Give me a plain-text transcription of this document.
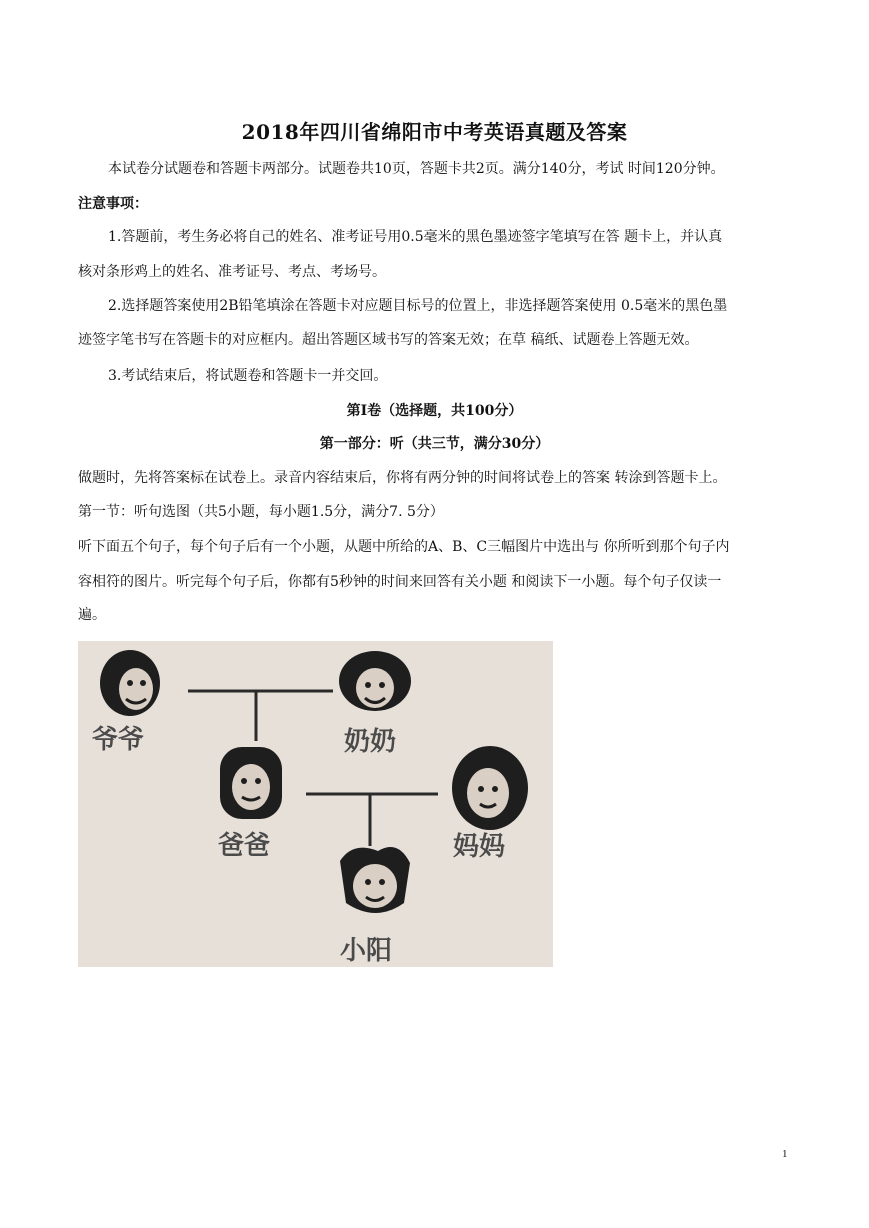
2018年四川省绵阳市中考英语真题及答案
本试卷分试题卷和答题卡两部分。试题卷共10页，答题卡共2页。满分140分，考试 时间120分钟。
注意事项：
1.答题前，考生务必将自己的姓名、准考证号用0.5毫米的黑色墨迹签字笔填写在答 题卡上，并认真
核对条形鸡上的姓名、准考证号、考点、考场号。
2.选择题答案使用2B铅笔填涂在答题卡对应题目标号的位置上，非选择题答案使用 0.5毫米的黑色墨
迹签字笔书写在答题卡的对应框内。超出答题区域书写的答案无效；在草 稿纸、试题卷上答题无效。
3.考试结束后，将试题卷和答题卡一并交回。
第Ⅰ卷（选择题，共100分）
第一部分：听（共三节，满分30分）
做题时，先将答案标在试卷上。录音内容结束后，你将有两分钟的时间将试卷上的答案 转涂到答题卡上。
第一节：听句选图（共5小题，每小题1.5分，满分7. 5分）
听下面五个句子，每个句子后有一个小题，从题中所给的A、B、C三幅图片中选出与 你所听到那个句子内
容相符的图片。听完每个句子后，你都有5秒钟的时间来回答有关小题 和阅读下一小题。每个句子仅读一
遍。
爷爷	奶奶
爸爸	妈妈
小阳
1
